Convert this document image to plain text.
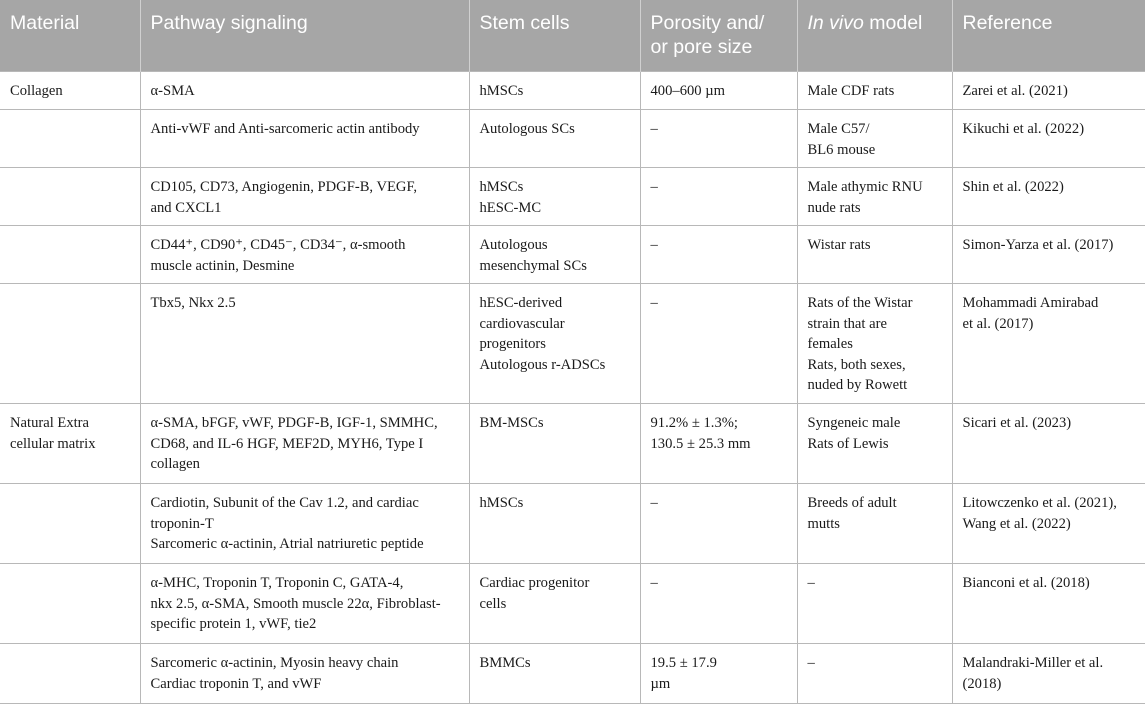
Material	Pathway signaling	Stem cells	Porosity and/ or pore size	In vivo model	Reference

Collagen	α-SMA	hMSCs	400–600 µm	Male CDF rats	Zarei et al. (2021)

	Anti-vWF and Anti-sarcomeric actin antibody	Autologous SCs	–	Male C57/
BL6 mouse	Kikuchi et al. (2022)

	CD105, CD73, Angiogenin, PDGF-B, VEGF,
and CXCL1	hMSCs
hESC-MC	–	Male athymic RNU
nude rats	Shin et al. (2022)

	CD44⁺, CD90⁺, CD45⁻, CD34⁻, α-smooth
muscle actinin, Desmine	Autologous
mesenchymal SCs	–	Wistar rats	Simon-Yarza et al. (2017)

	Tbx5, Nkx 2.5	hESC-derived
cardiovascular
progenitors
Autologous r-ADSCs	–	Rats of the Wistar
strain that are
females
Rats, both sexes,
nuded by Rowett	Mohammadi Amirabad
et al. (2017)

Natural Extra
cellular matrix	α-SMA, bFGF, vWF, PDGF-B, IGF-1, SMMHC,
CD68, and IL-6 HGF, MEF2D, MYH6, Type I
collagen	BM-MSCs	91.2% ± 1.3%;
130.5 ± 25.3 mm	Syngeneic male
Rats of Lewis	Sicari et al. (2023)

	Cardiotin, Subunit of the Cav 1.2, and cardiac
troponin-T
Sarcomeric α-actinin, Atrial natriuretic peptide	hMSCs	–	Breeds of adult
mutts	Litowczenko et al. (2021),
Wang et al. (2022)

	α-MHC, Troponin T, Troponin C, GATA-4,
nkx 2.5, α-SMA, Smooth muscle 22α, Fibroblast-
specific protein 1, vWF, tie2	Cardiac progenitor
cells	–	–	Bianconi et al. (2018)

	Sarcomeric α-actinin, Myosin heavy chain
Cardiac troponin T, and vWF	BMMCs	19.5 ± 17.9
µm	–	Malandraki-Miller et al.
(2018)
